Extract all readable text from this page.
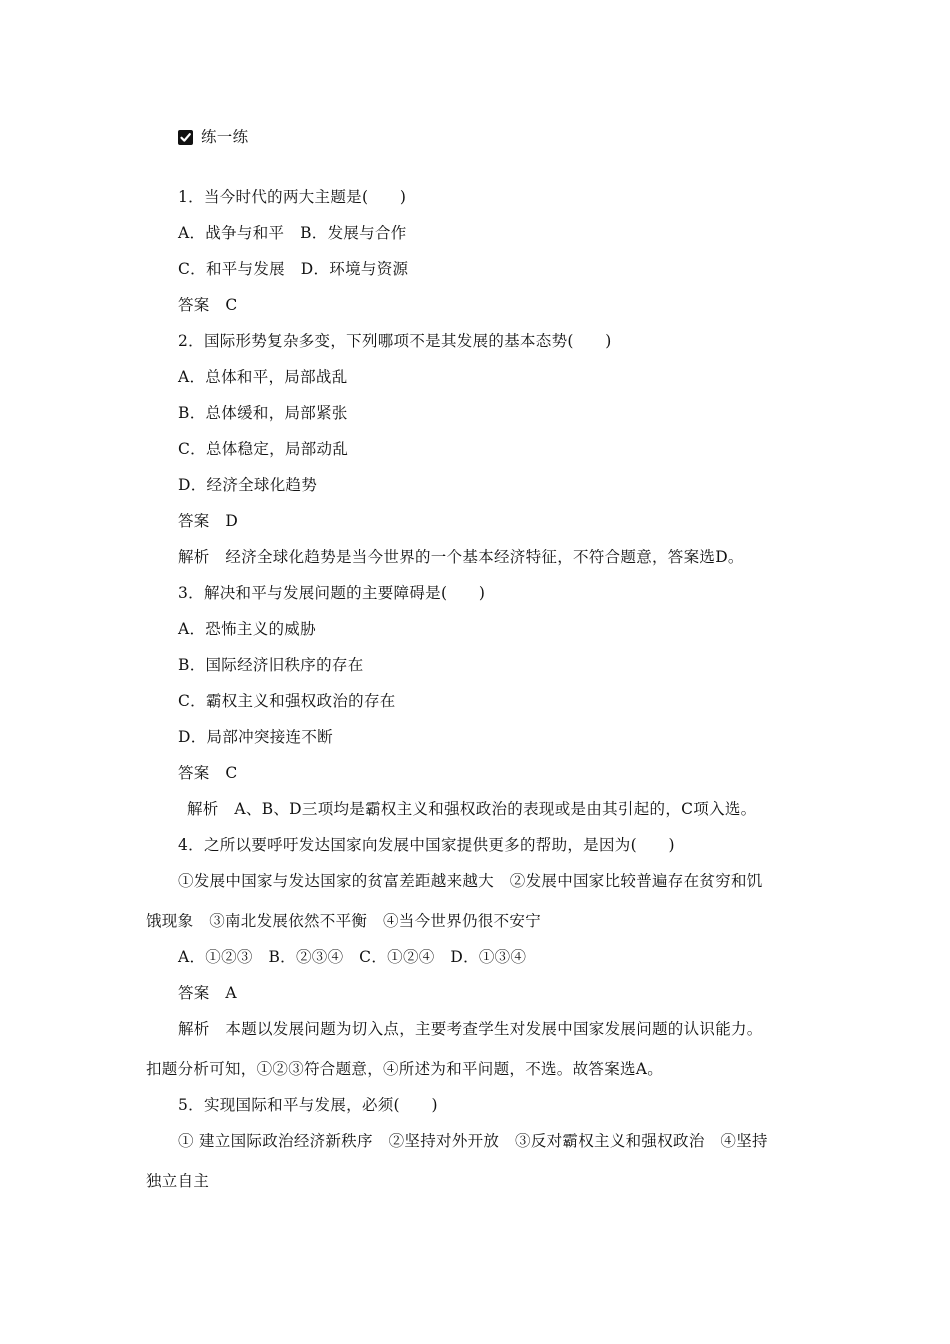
练一练
1．当今时代的两大主题是(　　)
A．战争与和平　B．发展与合作
C．和平与发展　D．环境与资源
答案　C
2．国际形势复杂多变，下列哪项不是其发展的基本态势(　　)
A．总体和平，局部战乱
B．总体缓和，局部紧张
C．总体稳定，局部动乱
D．经济全球化趋势
答案　D
解析　经济全球化趋势是当今世界的一个基本经济特征，不符合题意，答案选D。
3．解决和平与发展问题的主要障碍是(　　)
A．恐怖主义的威胁
B．国际经济旧秩序的存在
C．霸权主义和强权政治的存在
D．局部冲突接连不断
答案　C
解析　A、B、D三项均是霸权主义和强权政治的表现或是由其引起的，C项入选。
4．之所以要呼吁发达国家向发展中国家提供更多的帮助，是因为(　　)
①发展中国家与发达国家的贫富差距越来越大　②发展中国家比较普遍存在贫穷和饥
饿现象　③南北发展依然不平衡　④当今世界仍很不安宁
A．①②③　B．②③④　C．①②④　D．①③④
答案　A
解析　本题以发展问题为切入点，主要考查学生对发展中国家发展问题的认识能力。
扣题分析可知，①②③符合题意，④所述为和平问题，不选。故答案选A。
5．实现国际和平与发展，必须(　　)
① 建立国际政治经济新秩序　②坚持对外开放　③反对霸权主义和强权政治　④坚持
独立自主
